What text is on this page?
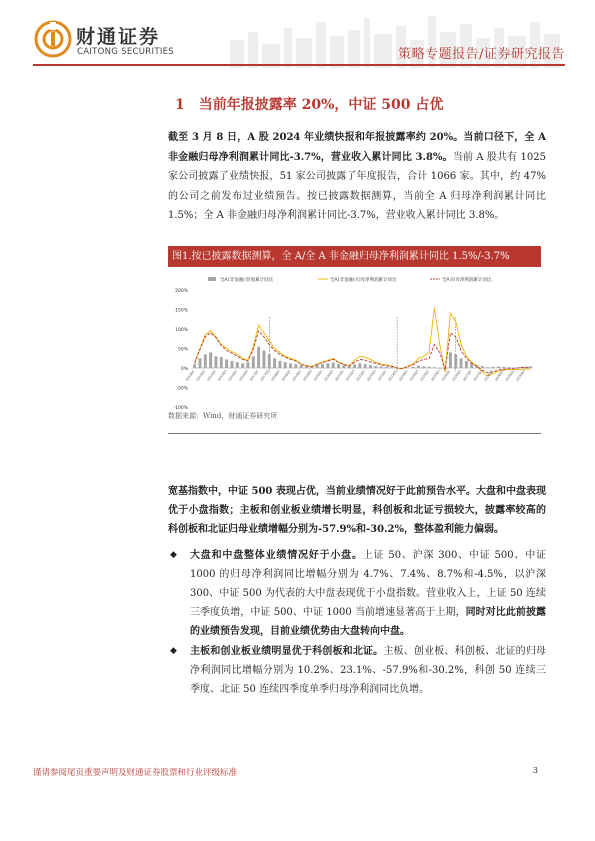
财通证券
CAITONG SECURITIES	策略专题报告/证券研究报告
1　当前年报披露率 20%，中证 500 占优
截至 3 月 8 日，A 股 2024 年业绩快报和年报披露率约 20%。当前口径下，全 A 非金融归母净利润累计同比-3.7%，营业收入累计同比 3.8%。当前 A 股共有 1025 家公司披露了业绩快报，51 家公司披露了年度报告，合计 1066 家。其中，约 47% 的公司之前发布过业绩预告。按已披露数据测算，当前全 A 归母净利润累计同比 1.5%；全 A 非金融归母净利润累计同比-3.7%，营业收入累计同比 3.8%。
图1.按已披露数据测算，全 A/全 A 非金融归母净利润累计同比 1.5%/-3.7%
200%
150%
100%
50%
0%
-50%
-100%
2014Q1 2014Q3 2015Q1 2015Q3 2016Q1 2016Q3 2017Q1 2017Q3 2018Q1 2018Q3 2019Q1 2019Q3 2020Q1 2020Q3 2021Q1 2021Q3 2022Q1 2022Q3 2023Q1 2023Q3 2024Q1 2024Q3 2025Q1 2025Q3 2026Q1 2026Q3 2027Q1 2027Q3 2028Q1 2028Q3 2029Q1 2029Q3
全A(非金融):营收累计同比	全A(非金融):归母净利润累计同比	全A:归母净利润累计同比
数据来源：Wind，财通证券研究所
宽基指数中，中证 500 表现占优，当前业绩情况好于此前预告水平。大盘和中盘表现优于小盘指数；主板和创业板业绩增长明显，科创板和北证亏损较大，披露率较高的科创板和北证归母业绩增幅分别为-57.9%和-30.2%，整体盈利能力偏弱。
◆ 大盘和中盘整体业绩情况好于小盘。上证 50、沪深 300、中证 500、中证 1000 的归母净利润同比增幅分别为 4.7%、7.4%、8.7%和-4.5%，以沪深 300、中证 500 为代表的大中盘表现优于小盘指数。营业收入上，上证 50 连续三季度负增，中证 500、中证 1000 当前增速显著高于上期，同时对比此前披露的业绩预告发现，目前业绩优势由大盘转向中盘。
◆ 主板和创业板业绩明显优于科创板和北证。主板、创业板、科创板、北证的归母净利润同比增幅分别为 10.2%、23.1%、-57.9%和-30.2%，科创 50 连续三季度、北证 50 连续四季度单季归母净利润同比负增。
谨请参阅尾页重要声明及财通证券股票和行业评级标准	3
